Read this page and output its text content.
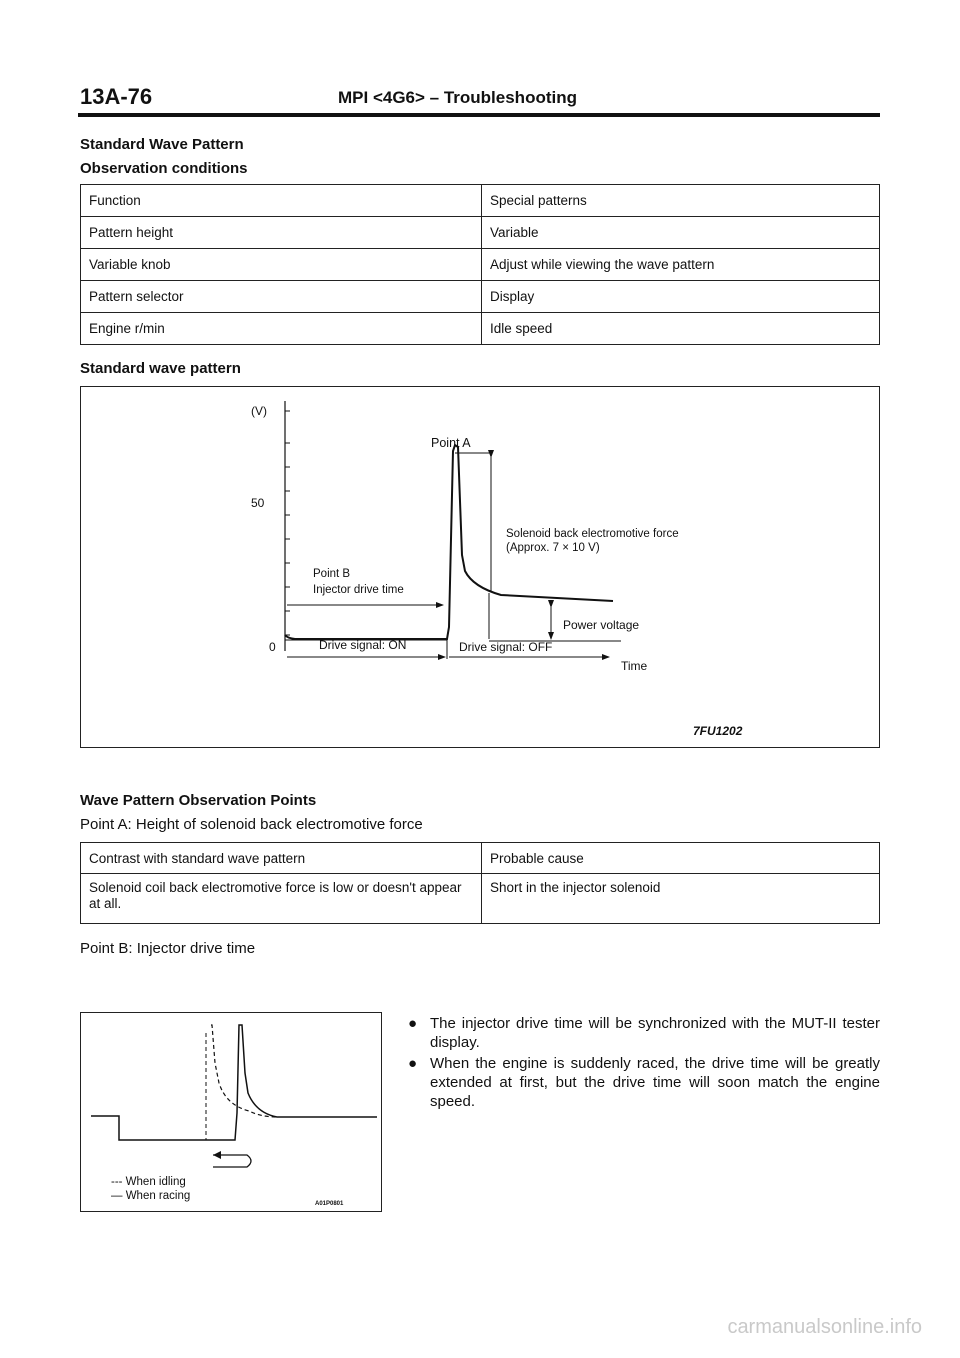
13A-76	MPI <4G6> – Troubleshooting
Standard Wave Pattern
Observation conditions
Function	Special patterns
Pattern height	Variable
Variable knob	Adjust while viewing the wave pattern
Pattern selector	Display
Engine r/min	Idle speed
Standard wave pattern
(V)
50
0
Point A
Solenoid back electromotive force
(Approx. 7 × 10 V)
Point B
Injector drive time
Power voltage
Drive signal: ON	Drive signal: OFF
Time
7FU1202
Wave Pattern Observation Points
Point A: Height of solenoid back electromotive force
Contrast with standard wave pattern	Probable cause
Solenoid coil back electromotive force is low or doesn't appear at all.	Short in the injector solenoid
Point B: Injector drive time
--- When idling
— When racing
A01P0801
● The injector drive time will be synchronized with the MUT-II tester display.
● When the engine is suddenly raced, the drive time will be greatly extended at first, but the drive time will soon match the engine speed.
carmanualsonline.info
